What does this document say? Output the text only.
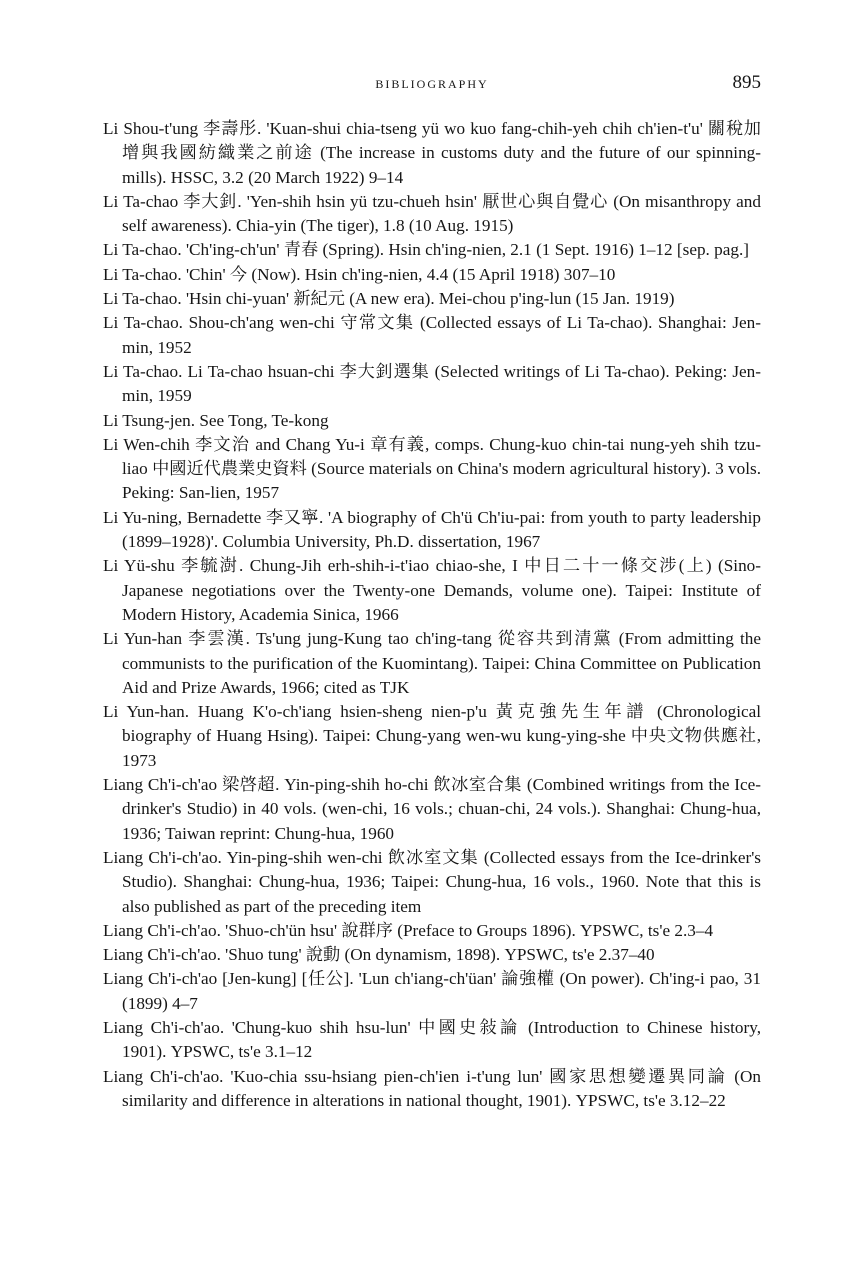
BIBLIOGRAPHY	895
Li Shou-t'ung 李壽彤. 'Kuan-shui chia-tseng yü wo kuo fang-chih-yeh chih ch'ien-t'u' 關稅加增與我國紡織業之前途 (The increase in customs duty and the future of our spinning-mills). HSSC, 3.2 (20 March 1922) 9–14
Li Ta-chao 李大釗. 'Yen-shih hsin yü tzu-chueh hsin' 厭世心與自覺心 (On misanthropy and self awareness). Chia-yin (The tiger), 1.8 (10 Aug. 1915)
Li Ta-chao. 'Ch'ing-ch'un' 青春 (Spring). Hsin ch'ing-nien, 2.1 (1 Sept. 1916) 1–12 [sep. pag.]
Li Ta-chao. 'Chin' 今 (Now). Hsin ch'ing-nien, 4.4 (15 April 1918) 307–10
Li Ta-chao. 'Hsin chi-yuan' 新紀元 (A new era). Mei-chou p'ing-lun (15 Jan. 1919)
Li Ta-chao. Shou-ch'ang wen-chi 守常文集 (Collected essays of Li Ta-chao). Shanghai: Jen-min, 1952
Li Ta-chao. Li Ta-chao hsuan-chi 李大釗選集 (Selected writings of Li Ta-chao). Peking: Jen-min, 1959
Li Tsung-jen. See Tong, Te-kong
Li Wen-chih 李文治 and Chang Yu-i 章有義, comps. Chung-kuo chin-tai nung-yeh shih tzu-liao 中國近代農業史資料 (Source materials on China's modern agricultural history). 3 vols. Peking: San-lien, 1957
Li Yu-ning, Bernadette 李又寧. 'A biography of Ch'ü Ch'iu-pai: from youth to party leadership (1899–1928)'. Columbia University, Ph.D. dissertation, 1967
Li Yü-shu 李毓澍. Chung-Jih erh-shih-i-t'iao chiao-she, I 中日二十一條交涉(上) (Sino-Japanese negotiations over the Twenty-one Demands, volume one). Taipei: Institute of Modern History, Academia Sinica, 1966
Li Yun-han 李雲漢. Ts'ung jung-Kung tao ch'ing-tang 從容共到清黨 (From admitting the communists to the purification of the Kuomintang). Taipei: China Committee on Publication Aid and Prize Awards, 1966; cited as TJK
Li Yun-han. Huang K'o-ch'iang hsien-sheng nien-p'u 黃克強先生年譜 (Chronological biography of Huang Hsing). Taipei: Chung-yang wen-wu kung-ying-she 中央文物供應社, 1973
Liang Ch'i-ch'ao 梁啓超. Yin-ping-shih ho-chi 飲冰室合集 (Combined writings from the Ice-drinker's Studio) in 40 vols. (wen-chi, 16 vols.; chuan-chi, 24 vols.). Shanghai: Chung-hua, 1936; Taiwan reprint: Chung-hua, 1960
Liang Ch'i-ch'ao. Yin-ping-shih wen-chi 飲冰室文集 (Collected essays from the Ice-drinker's Studio). Shanghai: Chung-hua, 1936; Taipei: Chung-hua, 16 vols., 1960. Note that this is also published as part of the preceding item
Liang Ch'i-ch'ao. 'Shuo-ch'ün hsu' 說群序 (Preface to Groups 1896). YPSWC, ts'e 2.3–4
Liang Ch'i-ch'ao. 'Shuo tung' 說動 (On dynamism, 1898). YPSWC, ts'e 2.37–40
Liang Ch'i-ch'ao [Jen-kung] [任公]. 'Lun ch'iang-ch'üan' 論強權 (On power). Ch'ing-i pao, 31 (1899) 4–7
Liang Ch'i-ch'ao. 'Chung-kuo shih hsu-lun' 中國史敍論 (Introduction to Chinese history, 1901). YPSWC, ts'e 3.1–12
Liang Ch'i-ch'ao. 'Kuo-chia ssu-hsiang pien-ch'ien i-t'ung lun' 國家思想變遷異同論 (On similarity and difference in alterations in national thought, 1901). YPSWC, ts'e 3.12–22
